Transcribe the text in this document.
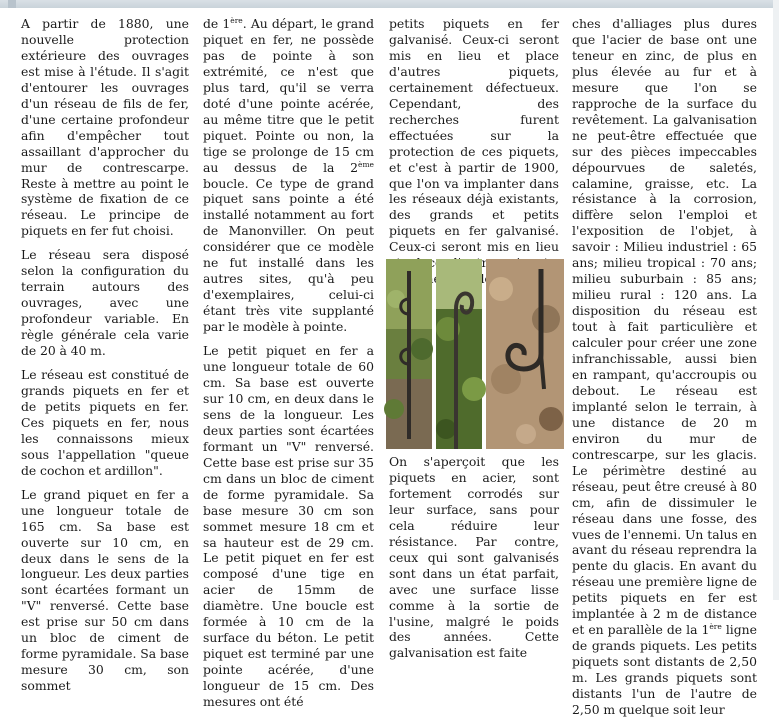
A partir de 1880, une nouvelle protection extérieure des ouvrages est mise à l'étude. Il s'agit d'entourer les ouvrages d'un réseau de fils de fer, d'une certaine profondeur afin d'empêcher tout assaillant d'approcher du mur de contrescarpe. Reste à mettre au point le système de fixation de ce réseau. Le principe de piquets en fer fut choisi.

Le réseau sera disposé selon la configuration du terrain autours des ouvrages, avec une profondeur variable. En règle générale cela varie de 20 à 40 m.

Le réseau est constitué de grands piquets en fer et de petits piquets en fer. Ces piquets en fer, nous les connaissons mieux sous l'appellation "queue de cochon et ardillon".

Le grand piquet en fer a une longueur totale de 165 cm. Sa base est ouverte sur 10 cm, en deux dans le sens de la longueur. Les deux parties sont écartées formant un "V" renversé. Cette base est prise sur 50 cm dans un bloc de ciment de forme pyramidale. Sa base mesure 30 cm, son sommet

de 1ère. Au départ, le grand piquet en fer, ne possède pas de pointe à son extrémité, ce n'est que plus tard, qu'il se verra doté d'une pointe acérée, au même titre que le petit piquet. Pointe ou non, la tige se prolonge de 15 cm au dessus de la 2ème boucle. Ce type de grand piquet sans pointe a été installé notamment au fort de Manonviller. On peut considérer que ce modèle ne fut installé dans les autres sites, qu'à peu d'exemplaires, celui-ci étant très vite supplanté par le modèle à pointe.

Le petit piquet en fer a une longueur totale de 60 cm. Sa base est ouverte sur 10 cm, en deux dans le sens de la longueur. Les deux parties sont écartées formant un "V" renversé. Cette base est prise sur 35 cm dans un bloc de ciment de forme pyramidale. Sa base mesure 30 cm son sommet mesure 18 cm et sa hauteur est de 29 cm. Le petit piquet en fer est composé d'une tige en acier de 15mm de diamètre. Une boucle est formée à 10 cm de la surface du béton. Le petit piquet est terminé par une pointe acérée, d'une longueur de 15 cm. Des mesures ont été

petits piquets en fer galvanisé. Ceux-ci seront mis en lieu et place d'autres piquets, certainement défectueux. Cependant, des recherches furent effectuées sur la protection de ces piquets, et c'est à partir de 1900, que l'on va implanter dans les réseaux déjà existants, des grands et petits piquets en fer galvanisé. Ceux-ci seront mis en lieu

On s'aperçoit que les piquets en acier, sont fortement corrodés sur leur surface, sans pour cela réduire leur résistance. Par contre, ceux qui sont galvanisés sont dans un état parfait, avec une surface lisse comme à la sortie de l'usine, malgré le poids des années. Cette galvanisation est faite

ches d'alliages plus dures que l'acier de base ont une teneur en zinc, de plus en plus élevée au fur et à mesure que l'on se rapproche de la surface du revêtement. La galvanisation ne peut-être effectuée que sur des pièces impeccables dépourvues de saletés, calamine, graisse, etc. La résistance à la corrosion, diffère selon l'emploi et l'exposition de l'objet, à savoir : Milieu industriel : 65 ans; milieu tropical : 70 ans; milieu suburbain : 85 ans; milieu rural : 120 ans. La disposition du réseau est tout à fait particulière et calculer pour créer une zone infranchissable, aussi bien en rampant, qu'accroupis ou debout. Le réseau est implanté selon le terrain, à une distance de 20 m environ du mur de contrescarpe, sur les glacis. Le périmètre destiné au réseau, peut être creusé à 80 cm, afin de dissimuler le réseau dans une fosse, des vues de l'ennemi. Un talus en avant du réseau reprendra la pente du glacis. En avant du réseau une première ligne de petits piquets en fer est implantée à 2 m de distance et en parallèle de la 1ère ligne de grands piquets. Les petits piquets sont distants de 2,50 m. Les grands piquets sont distants l'un de l'autre de 2,50 m quelque soit leur
